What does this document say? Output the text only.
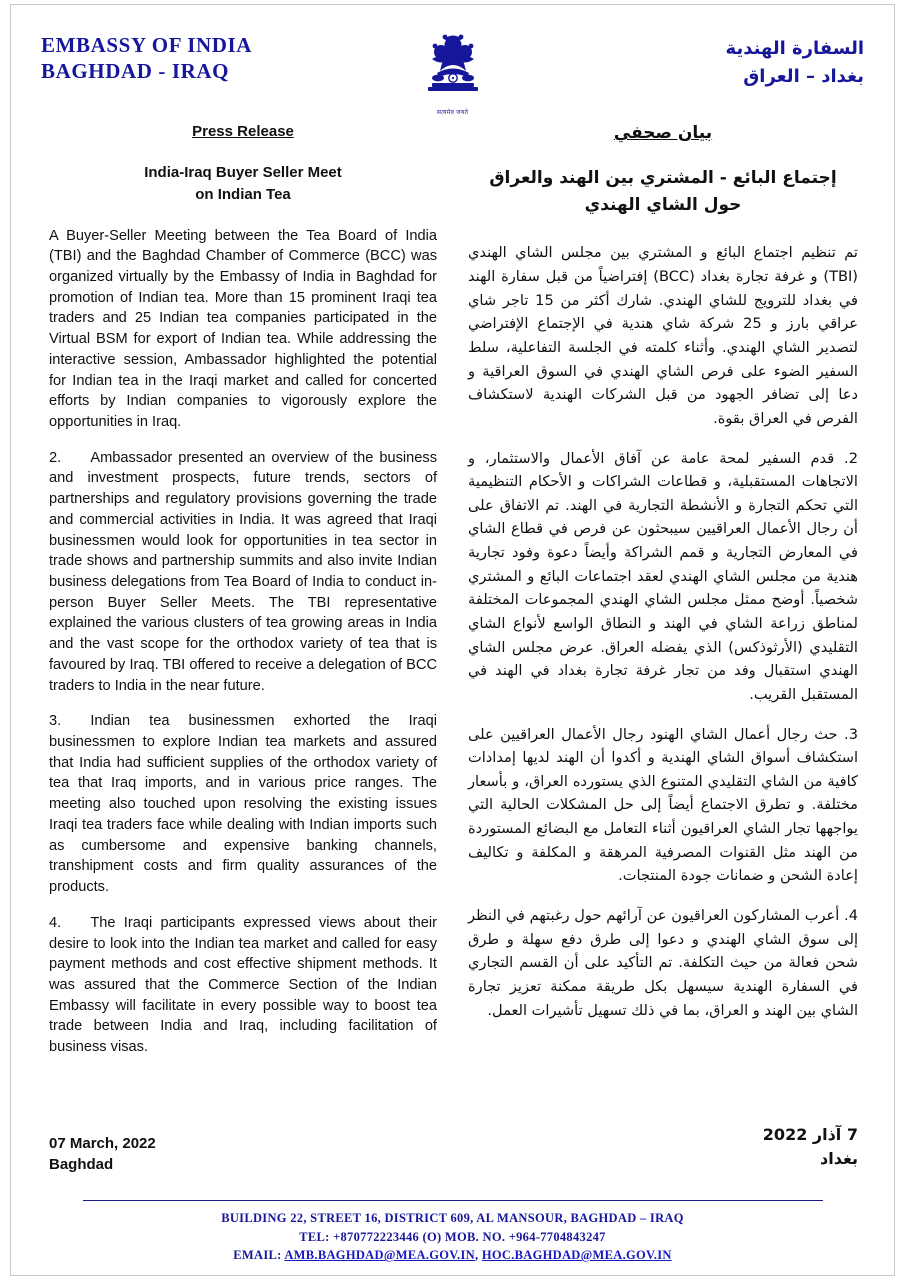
EMBASSY OF INDIA
BAGHDAD - IRAQ
सत्यमेव जयते
السفارة الهندية
بغداد – العراق
Press Release
India-Iraq Buyer Seller Meet
on Indian Tea

A Buyer-Seller Meeting between the Tea Board of India (TBI) and the Baghdad Chamber of Commerce (BCC) was organized virtually by the Embassy of India in Baghdad for promotion of Indian tea. More than 15 prominent Iraqi tea traders and 25 Indian tea companies participated in the Virtual BSM for export of Indian tea. While addressing the interactive session, Ambassador highlighted the potential for Indian tea in the Iraqi market and called for concerted efforts by Indian companies to vigorously explore the opportunities in Iraq.

2.  Ambassador presented an overview of the business and investment prospects, future trends, sectors of partnerships and regulatory provisions governing the trade and commercial activities in India. It was agreed that Iraqi businessmen would look for opportunities in tea sector in trade shows and partnership summits and also invite Indian business delegations from Tea Board of India to conduct in-person Buyer Seller Meets. The TBI representative explained the various clusters of tea growing areas in India and the vast scope for the orthodox variety of tea that is favoured by Iraq. TBI offered to receive a delegation of BCC traders to India in the near future.

3.  Indian tea businessmen exhorted the Iraqi businessmen to explore Indian tea markets and assured that India had sufficient supplies of the orthodox variety of tea that Iraq imports, and in various price ranges. The meeting also touched upon resolving the existing issues Iraqi tea traders face while dealing with Indian imports such as cumbersome and expensive banking channels, transhipment costs and firm quality assurances of the products.

4.  The Iraqi participants expressed views about their desire to look into the Indian tea market and called for easy payment methods and cost effective shipment methods. It was assured that the Commerce Section of the Indian Embassy will facilitate in every possible way to boost tea trade between India and Iraq, including facilitation of business visas.

بيان صحفي
إجتماع البائع - المشتري بين الهند والعراق
حول الشاي الهندي

تم تنظيم اجتماع البائع و المشتري بين مجلس الشاي الهندي (TBI) و غرفة تجارة بغداد (BCC) إفتراضياً من قبل سفارة الهند في بغداد للترويج للشاي الهندي. شارك أكثر من 15 تاجر شاي عراقي بارز و 25 شركة شاي هندية في الإجتماع الإفتراضي لتصدير الشاي الهندي. وأثناء كلمته في الجلسة التفاعلية، سلط السفير الضوء على فرص الشاي الهندي في السوق العراقية و دعا إلى تضافر الجهود من قبل الشركات الهندية لاستكشاف الفرص في العراق بقوة.

2. قدم السفير لمحة عامة عن آفاق الأعمال والاستثمار، و الاتجاهات المستقبلية، و قطاعات الشراكات و الأحكام التنظيمية التي تحكم التجارة و الأنشطة التجارية في الهند. تم الاتفاق على أن رجال الأعمال العراقيين سيبحثون عن فرص في قطاع الشاي في المعارض التجارية و قمم الشراكة وأيضاً دعوة وفود تجارية هندية من مجلس الشاي الهندي لعقد اجتماعات البائع و المشتري شخصياً. أوضح ممثل مجلس الشاي الهندي المجموعات المختلفة لمناطق زراعة الشاي في الهند و النطاق الواسع لأنواع الشاي التقليدي (الأرثوذكس) الذي يفضله العراق. عرض مجلس الشاي الهندي استقبال وفد من تجار غرفة تجارة بغداد في الهند في المستقبل القريب.

3. حث رجال أعمال الشاي الهنود رجال الأعمال العراقيين على استكشاف أسواق الشاي الهندية و أكدوا أن الهند لديها إمدادات كافية من الشاي التقليدي المتنوع الذي يستورده العراق، و بأسعار مختلفة. و تطرق الاجتماع أيضاً إلى حل المشكلات الحالية التي يواجهها تجار الشاي العراقيون أثناء التعامل مع البضائع المستوردة من الهند مثل القنوات المصرفية المرهقة و المكلفة و تكاليف إعادة الشحن و ضمانات جودة المنتجات.

4. أعرب المشاركون العراقيون عن آرائهم حول رغبتهم في النظر إلى سوق الشاي الهندي و دعوا إلى طرق دفع سهلة و طرق شحن فعالة من حيث التكلفة. تم التأكيد على أن القسم التجاري في السفارة الهندية سيسهل بكل طريقة ممكنة تعزيز تجارة الشاي بين الهند و العراق، بما في ذلك تسهيل تأشيرات العمل.

07 March, 2022
Baghdad
7 آذار 2022
بغداد
BUILDING 22, STREET 16, DISTRICT 609, AL MANSOUR, BAGHDAD – IRAQ
TEL: +870772223446 (O) MOB. NO. +964-7704843247
EMAIL: AMB.BAGHDAD@MEA.GOV.IN, HOC.BAGHDAD@MEA.GOV.IN
